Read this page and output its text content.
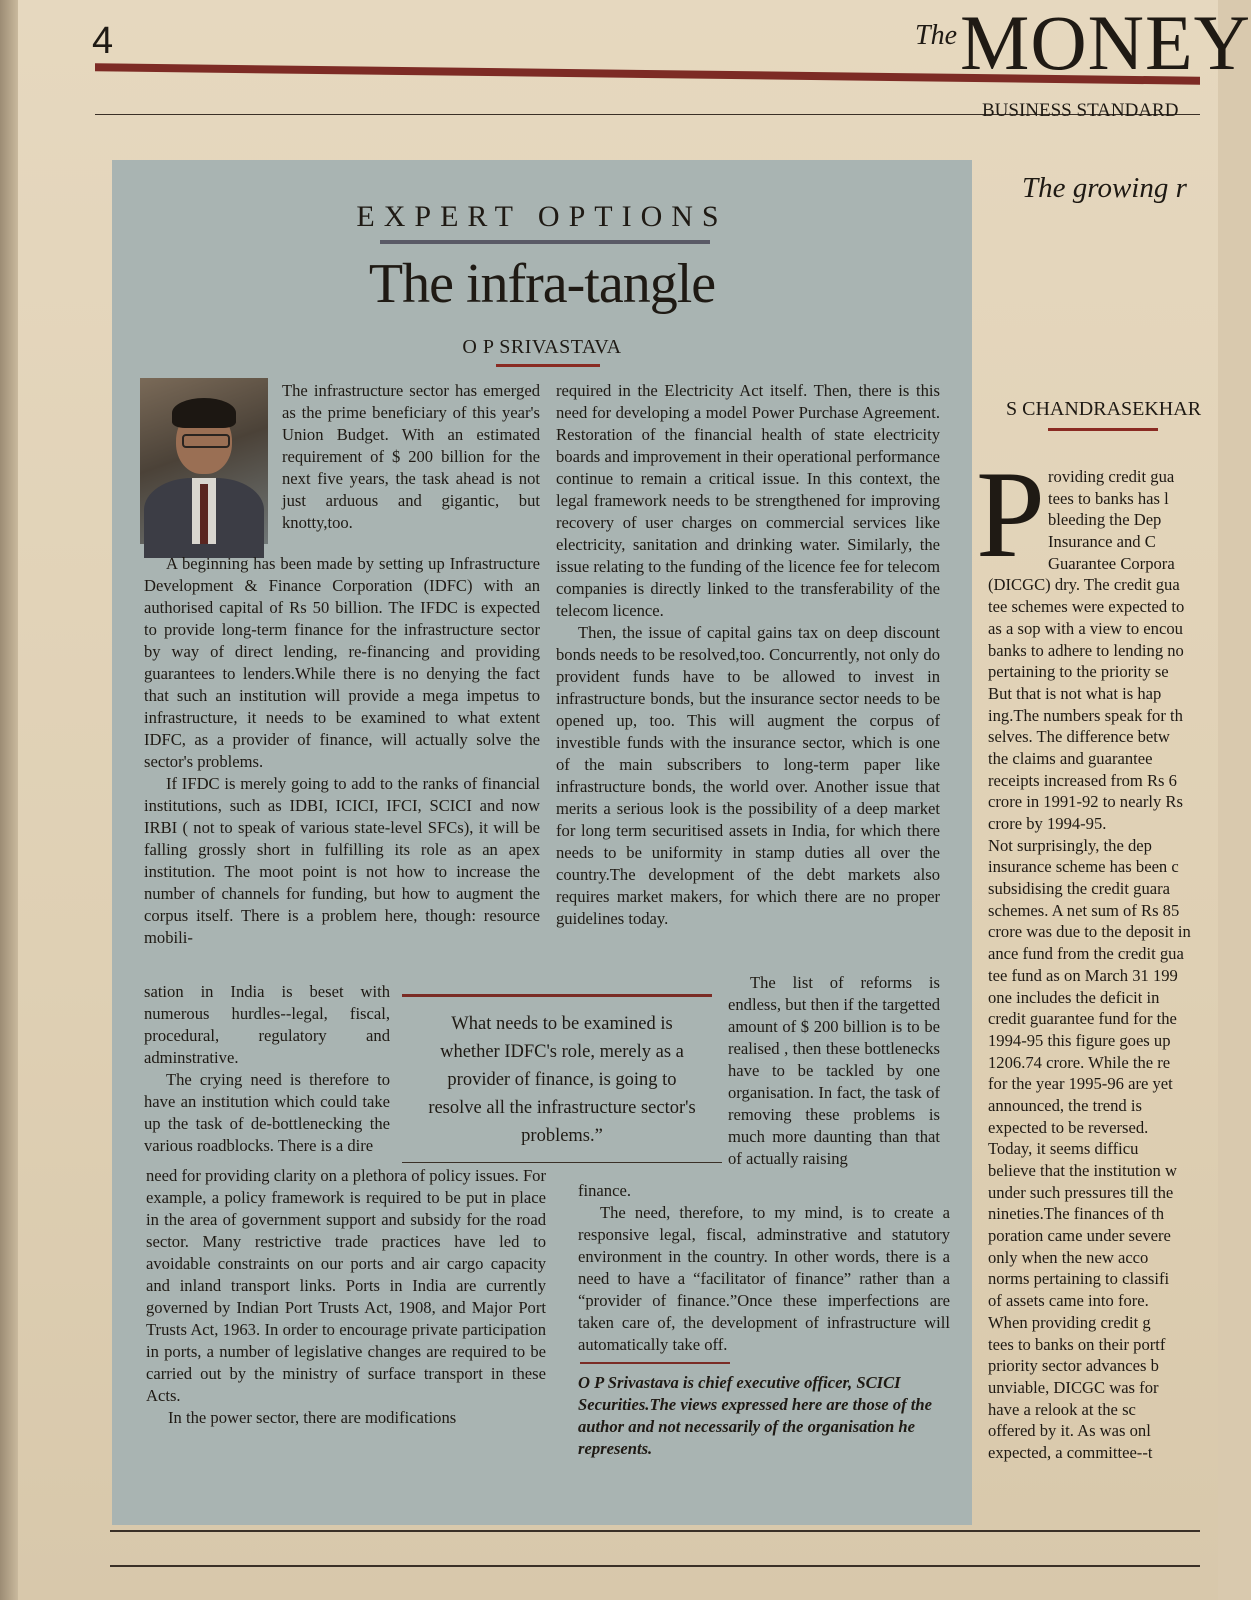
4	The MONEY
BUSINESS STANDARD
EXPERT OPTIONS
The infra-tangle
O P SRIVASTAVA

The infrastructure sector has emerged as the prime beneficiary of this year's Union Budget. With an estimated requirement of $ 200 billion for the next five years, the task ahead is not just arduous and gigantic, but knotty,too.

A beginning has been made by setting up Infrastructure Development & Finance Corporation (IDFC) with an authorised capital of Rs 50 billion. The IFDC is expected to provide long-term finance for the infrastructure sector by way of direct lending, re-financing and providing guarantees to lenders.While there is no denying the fact that such an institution will provide a mega impetus to infrastructure, it needs to be examined to what extent IDFC, as a provider of finance, will actually solve the sector's problems.

If IFDC is merely going to add to the ranks of financial institutions, such as IDBI, ICICI, IFCI, SCICI and now IRBI ( not to speak of various state-level SFCs), it will be falling grossly short in fulfilling its role as an apex institution. The moot point is not how to increase the number of channels for funding, but how to augment the corpus itself. There is a problem here, though: resource mobili-

sation in India is beset with numerous hurdles--legal, fiscal, procedural, regulatory and adminstrative.

The crying need is therefore to have an institution which could take up the task of de-bottlenecking the various roadblocks. There is a dire

need for providing clarity on a plethora of policy issues. For example, a policy framework is required to be put in place in the area of government support and subsidy for the road sector. Many restrictive trade practices have led to avoidable constraints on our ports and air cargo capacity and inland transport links. Ports in India are currently governed by Indian Port Trusts Act, 1908, and Major Port Trusts Act, 1963. In order to encourage private participation in ports, a number of legislative changes are required to be carried out by the ministry of surface transport in these Acts.

In the power sector, there are modifications

required in the Electricity Act itself. Then, there is this need for developing a model Power Purchase Agreement. Restoration of the financial health of state electricity boards and improvement in their operational performance continue to remain a critical issue. In this context, the legal framework needs to be strengthened for improving recovery of user charges on commercial services like electricity, sanitation and drinking water. Similarly, the issue relating to the funding of the licence fee for telecom companies is directly linked to the transferability of the telecom licence.

Then, the issue of capital gains tax on deep discount bonds needs to be resolved,too. Concurrently, not only do provident funds have to be allowed to invest in infrastructure bonds, but the insurance sector needs to be opened up, too. This will augment the corpus of investible funds with the insurance sector, which is one of the main subscribers to long-term paper like infrastructure bonds, the world over. Another issue that merits a serious look is the possibility of a deep market for long term securitised assets in India, for which there needs to be uniformity in stamp duties all over the country.The development of the debt markets also requires market makers, for which there are no proper guidelines today.

The list of reforms is endless, but then if the targetted amount of $ 200 billion is to be realised , then these bottlenecks have to be tackled by one organisation. In fact, the task of removing these problems is much more daunting than that of actually raising

finance.

The need, therefore, to my mind, is to create a responsive legal, fiscal, adminstrative and statutory environment in the country. In other words, there is a need to have a “facilitator of finance” rather than a “provider of finance.”Once these imperfections are taken care of, the development of infrastructure will automatically take off.

What needs to be examined is whether IDFC's role, merely as a provider of finance, is going to resolve all the infrastructure sector's problems.”
O P Srivastava is chief executive officer, SCICI Securities.The views expressed here are those of the author and not necessarily of the organisation he represents.
The growing r
S CHANDRASEKHAR
P roviding credit gua
tees to banks has l
bleeding the Dep
Insurance and C
Guarantee Corpora
(DICGC) dry. The credit gua
tee schemes were expected to
as a sop with a view to encou
banks to adhere to lending no
pertaining to the priority se
But that is not what is hap
ing.The numbers speak for th
selves. The difference betw
the claims and guarantee
receipts increased from Rs 6
crore in 1991-92 to nearly Rs
crore by 1994-95.
Not surprisingly, the dep
insurance scheme has been c
subsidising the credit guara
schemes. A net sum of Rs 85
crore was due to the deposit in
ance fund from the credit gua
tee fund as on March 31 199
one includes the deficit in
credit guarantee fund for the
1994-95 this figure goes up
1206.74 crore. While the re
for the year 1995-96 are yet
announced, the trend is
expected to be reversed.
Today, it seems difficu
believe that the institution w
under such pressures till the
nineties.The finances of th
poration came under severe
only when the new acco
norms pertaining to classifi
of assets came into fore.
When providing credit g
tees to banks on their portf
priority sector advances b
unviable, DICGC was for
have a relook at the sc
offered by it. As was onl
expected, a committee--t
